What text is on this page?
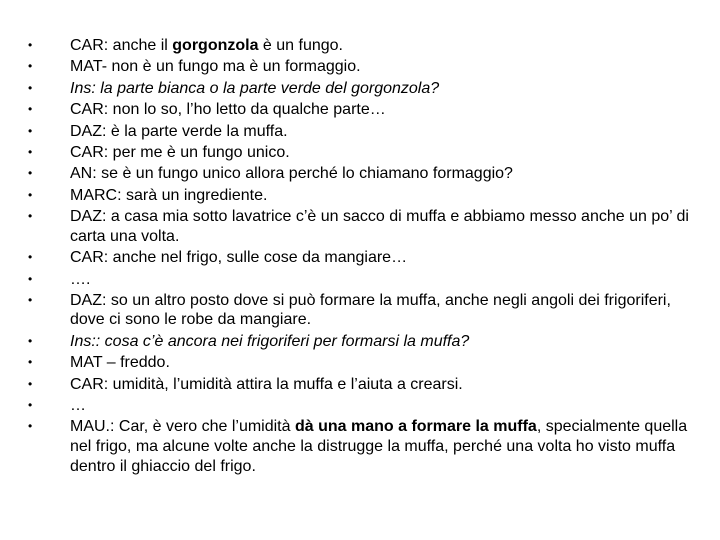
•	CAR: anche il gorgonzola è un fungo.
•	MAT- non è un fungo ma è un formaggio.
•	Ins: la parte bianca o la parte verde del gorgonzola?
•	CAR: non lo so, l’ho letto da qualche parte…
•	DAZ: è la parte verde la muffa.
•	CAR: per me è un fungo unico.
•	AN: se è un fungo unico allora perché lo chiamano formaggio?
•	MARC: sarà un ingrediente.
•	DAZ: a casa mia sotto lavatrice c’è un sacco di muffa e abbiamo messo anche un po’ di carta una volta.
•	CAR: anche nel frigo, sulle cose da mangiare…
•	….
•	DAZ: so un altro posto dove si può formare la muffa, anche negli angoli dei frigoriferi, dove ci sono le robe da mangiare.
•	Ins:: cosa c’è ancora nei frigoriferi per formarsi la muffa?
•	MAT – freddo.
•	CAR: umidità, l’umidità attira la muffa e l’aiuta a crearsi.
•	…
•	MAU.: Car, è vero che l’umidità dà una mano a formare la muffa, specialmente quella nel frigo, ma alcune volte anche la distrugge la muffa, perché una volta ho visto muffa dentro il ghiaccio del frigo.
